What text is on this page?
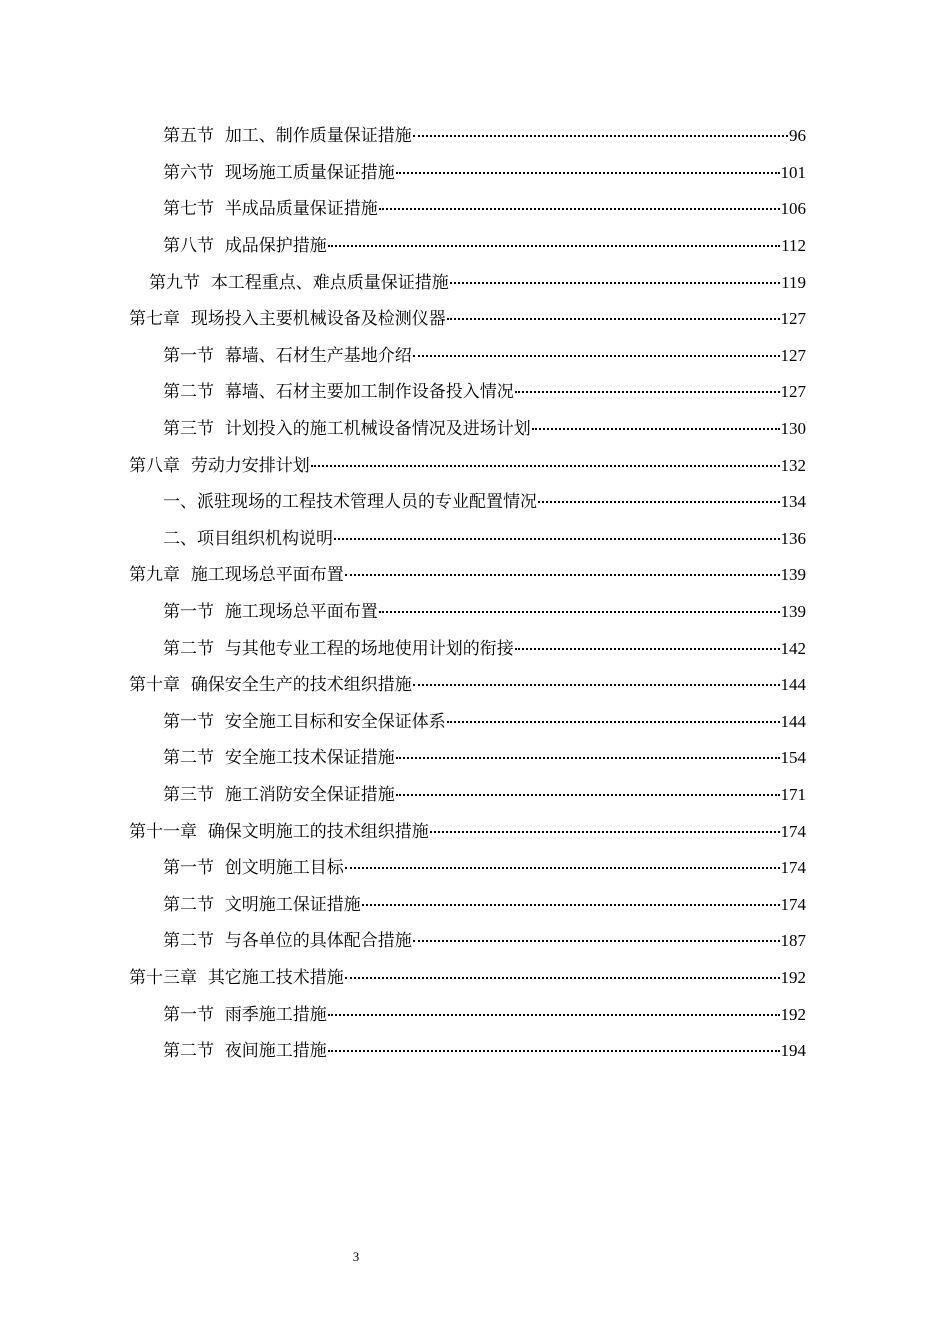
第五节 加工、制作质量保证措施	96
第六节 现场施工质量保证措施	101
第七节 半成品质量保证措施	106
第八节 成品保护措施	112
第九节 本工程重点、难点质量保证措施	119
第七章 现场投入主要机械设备及检测仪器	127
第一节 幕墙、石材生产基地介绍	127
第二节 幕墙、石材主要加工制作设备投入情况	127
第三节 计划投入的施工机械设备情况及进场计划	130
第八章 劳动力安排计划	132
一、 派驻现场的工程技术管理人员的专业配置情况	134
二、 项目组织机构说明	136
第九章 施工现场总平面布置	139
第一节 施工现场总平面布置	139
第二节 与其他专业工程的场地使用计划的衔接	142
第十章 确保安全生产的技术组织措施	144
第一节 安全施工目标和安全保证体系	144
第二节 安全施工技术保证措施	154
第三节 施工消防安全保证措施	171
第十一章 确保文明施工的技术组织措施	174
第一节 创文明施工目标	174
第二节 文明施工保证措施	174
第二节 与各单位的具体配合措施	187
第十三章 其它施工技术措施	192
第一节 雨季施工措施	192
第二节 夜间施工措施	194
3
